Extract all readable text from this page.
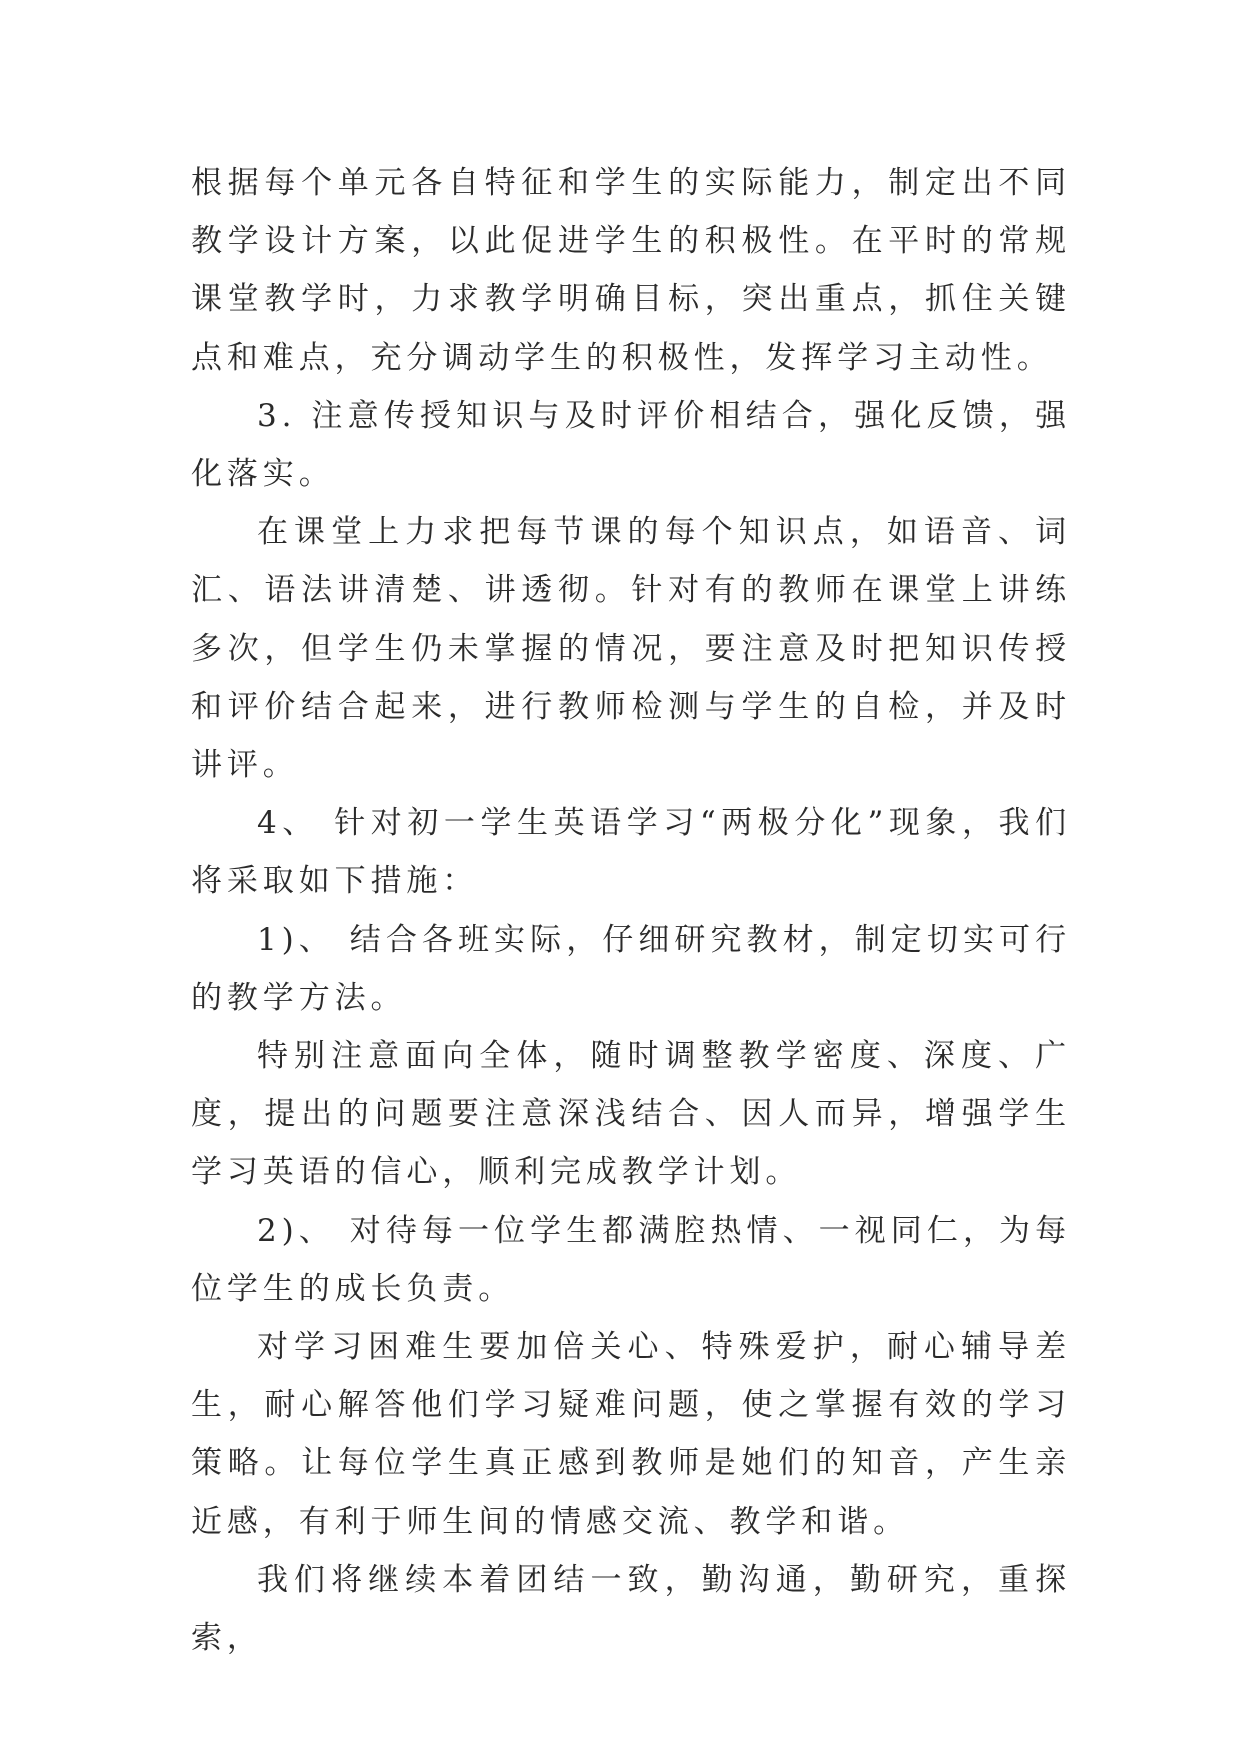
根据每个单元各自特征和学生的实际能力，制定出不同教学设计方案，以此促进学生的积极性。在平时的常规课堂教学时，力求教学明确目标，突出重点，抓住关键点和难点，充分调动学生的积极性，发挥学习主动性。

3. 注意传授知识与及时评价相结合，强化反馈，强化落实。

在课堂上力求把每节课的每个知识点，如语音、词汇、语法讲清楚、讲透彻。针对有的教师在课堂上讲练多次，但学生仍未掌握的情况，要注意及时把知识传授和评价结合起来，进行教师检测与学生的自检，并及时讲评。

4、 针对初一学生英语学习“两极分化”现象，我们将采取如下措施：

1)、 结合各班实际，仔细研究教材，制定切实可行的教学方法。

特别注意面向全体，随时调整教学密度、深度、广度，提出的问题要注意深浅结合、因人而异，增强学生学习英语的信心，顺利完成教学计划。

2)、 对待每一位学生都满腔热情、一视同仁，为每位学生的成长负责。

对学习困难生要加倍关心、特殊爱护，耐心辅导差生，耐心解答他们学习疑难问题，使之掌握有效的学习策略。让每位学生真正感到教师是她们的知音，产生亲近感，有利于师生间的情感交流、教学和谐。

我们将继续本着团结一致，勤沟通，勤研究，重探索，
